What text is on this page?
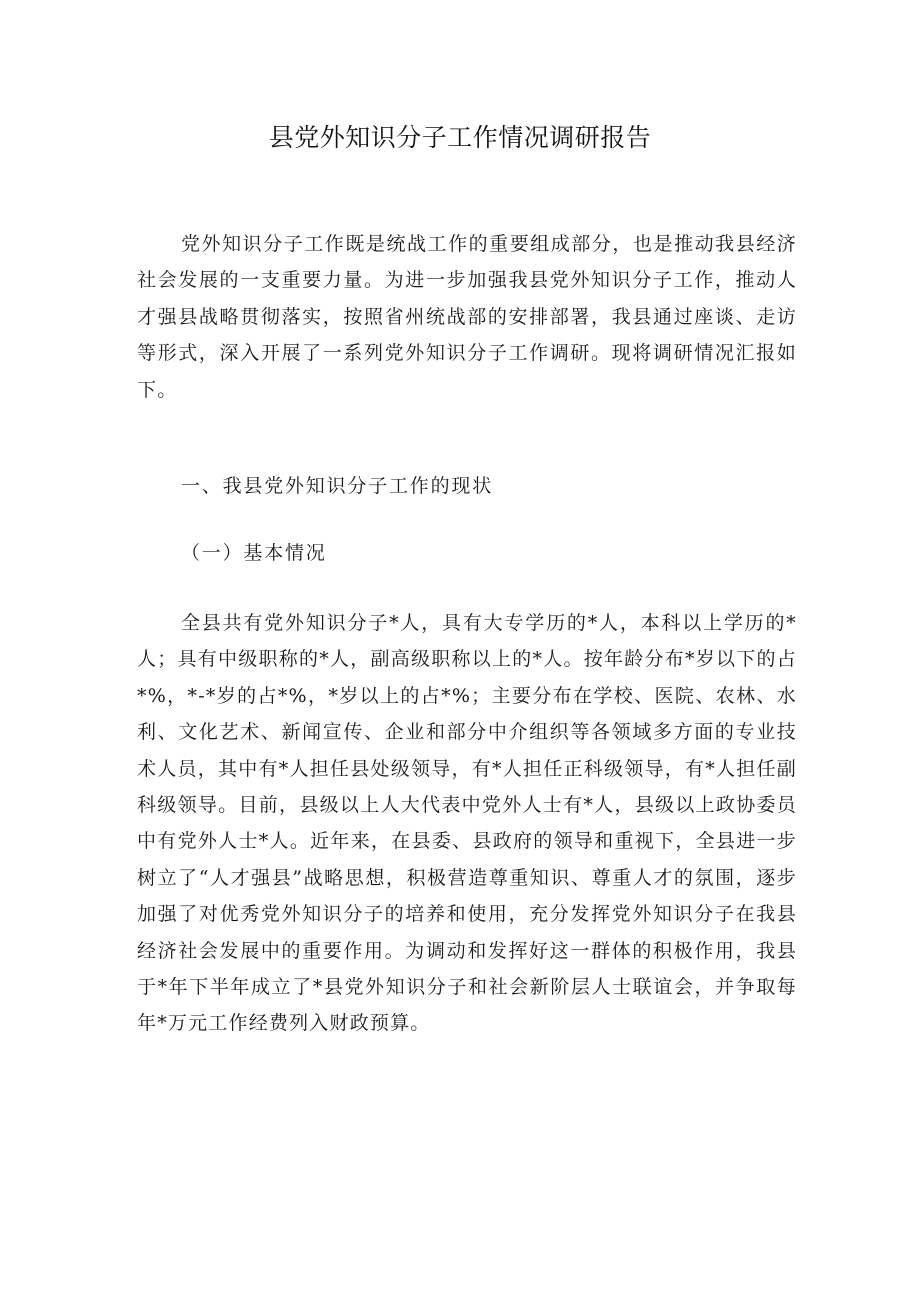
县党外知识分子工作情况调研报告

党外知识分子工作既是统战工作的重要组成部分，也是推动我县经济社会发展的一支重要力量。为进一步加强我县党外知识分子工作，推动人才强县战略贯彻落实，按照省州统战部的安排部署，我县通过座谈、走访等形式，深入开展了一系列党外知识分子工作调研。现将调研情况汇报如下。

一、我县党外知识分子工作的现状
（一）基本情况

全县共有党外知识分子*人，具有大专学历的*人，本科以上学历的*人；具有中级职称的*人，副高级职称以上的*人。按年龄分布*岁以下的占*%，*-*岁的占*%，*岁以上的占*%；主要分布在学校、医院、农林、水利、文化艺术、新闻宣传、企业和部分中介组织等各领域多方面的专业技术人员，其中有*人担任县处级领导，有*人担任正科级领导，有*人担任副科级领导。目前，县级以上人大代表中党外人士有*人，县级以上政协委员中有党外人士*人。近年来，在县委、县政府的领导和重视下，全县进一步树立了“人才强县”战略思想，积极营造尊重知识、尊重人才的氛围，逐步加强了对优秀党外知识分子的培养和使用，充分发挥党外知识分子在我县经济社会发展中的重要作用。为调动和发挥好这一群体的积极作用，我县于*年下半年成立了*县党外知识分子和社会新阶层人士联谊会，并争取每年*万元工作经费列入财政预算。
